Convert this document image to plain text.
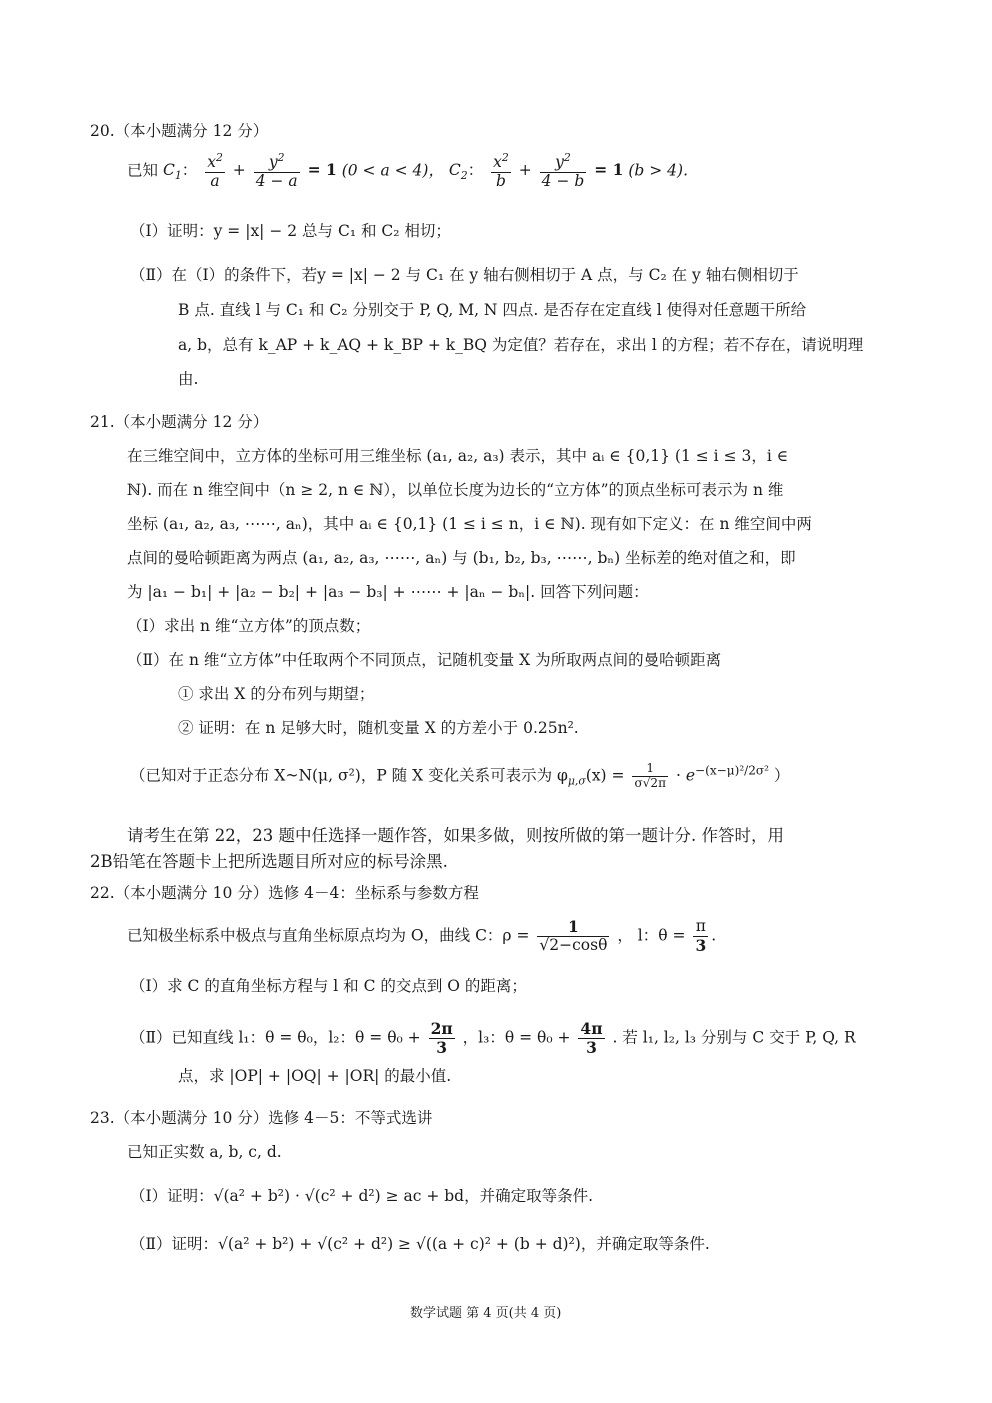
20.（本小题满分 12 分）
已知 $C_1$： $\frac{x^2}{a} + \frac{y^2}{4 - a} = 1$ (0 < a < 4)， $C_2$： $\frac{x^2}{b} + \frac{y^2}{4 - b} = 1$ (b > 4).
（Ⅰ）证明：y = |x| − 2 总与 C₁ 和 C₂ 相切；
（Ⅱ）在（Ⅰ）的条件下，若y = |x| − 2 与 C₁ 在 y 轴右侧相切于 A 点，与 C₂ 在 y 轴右侧相切于
B 点. 直线 l 与 C₁ 和 C₂ 分别交于 P, Q, M, N 四点. 是否存在定直线 l 使得对任意题干所给
a, b，总有 k_AP + k_AQ + k_BP + k_BQ 为定值？若存在，求出 l 的方程；若不存在，请说明理
由.
21.（本小题满分 12 分）
在三维空间中，立方体的坐标可用三维坐标 (a₁, a₂, a₃) 表示，其中 aᵢ ∈ {0,1} (1 ≤ i ≤ 3，i ∈
ℕ). 而在 n 维空间中（n ≥ 2, n ∈ ℕ），以单位长度为边长的“立方体”的顶点坐标可表示为 n 维
坐标 (a₁, a₂, a₃, ⋯⋯, aₙ)，其中 aᵢ ∈ {0,1} (1 ≤ i ≤ n，i ∈ ℕ). 现有如下定义：在 n 维空间中两
点间的曼哈顿距离为两点 (a₁, a₂, a₃, ⋯⋯, aₙ) 与 (b₁, b₂, b₃, ⋯⋯, bₙ) 坐标差的绝对值之和，即
为 |a₁ − b₁| + |a₂ − b₂| + |a₃ − b₃| + ⋯⋯ + |aₙ − bₙ|. 回答下列问题：
（Ⅰ）求出 n 维“立方体”的顶点数；
（Ⅱ）在 n 维“立方体”中任取两个不同顶点，记随机变量 X 为所取两点间的曼哈顿距离
① 求出 X 的分布列与期望；
② 证明：在 n 足够大时，随机变量 X 的方差小于 0.25n².
（已知对于正态分布 X~N(μ, σ²)，P 随 X 变化关系可表示为 $\varphi_{\mu,\sigma}(x) = \frac{1}{\sigma√2\pi} \cdot e^{-(x-\mu)^2/2\sigma^2}$ ）
请考生在第 22，23 题中任选择一题作答，如果多做，则按所做的第一题计分. 作答时，用
2B铅笔在答题卡上把所选题目所对应的标号涂黑.
22.（本小题满分 10 分）选修 4－4：坐标系与参数方程
已知极坐标系中极点与直角坐标原点均为 O，曲线 C：$\rho = \frac{1}{√2-\cos\theta}$ ， l：$\theta = \frac{\pi}{3}$ .
（Ⅰ）求 C 的直角坐标方程与 l 和 C 的交点到 O 的距离；
（Ⅱ）已知直线 l₁：θ = θ₀，l₂：$\theta = \theta_0 + \frac{2\pi}{3}$ ，l₃：$\theta = \theta_0 + \frac{4\pi}{3}$ . 若 l₁, l₂, l₃ 分别与 C 交于 P, Q, R
点，求 |OP| + |OQ| + |OR| 的最小值.
23.（本小题满分 10 分）选修 4－5：不等式选讲
已知正实数 a, b, c, d.
（Ⅰ）证明：√(a² + b²) · √(c² + d²) ≥ ac + bd，并确定取等条件.
（Ⅱ）证明：√(a² + b²) + √(c² + d²) ≥ √((a + c)² + (b + d)²)，并确定取等条件.
数学试题 第 4 页(共 4 页)
